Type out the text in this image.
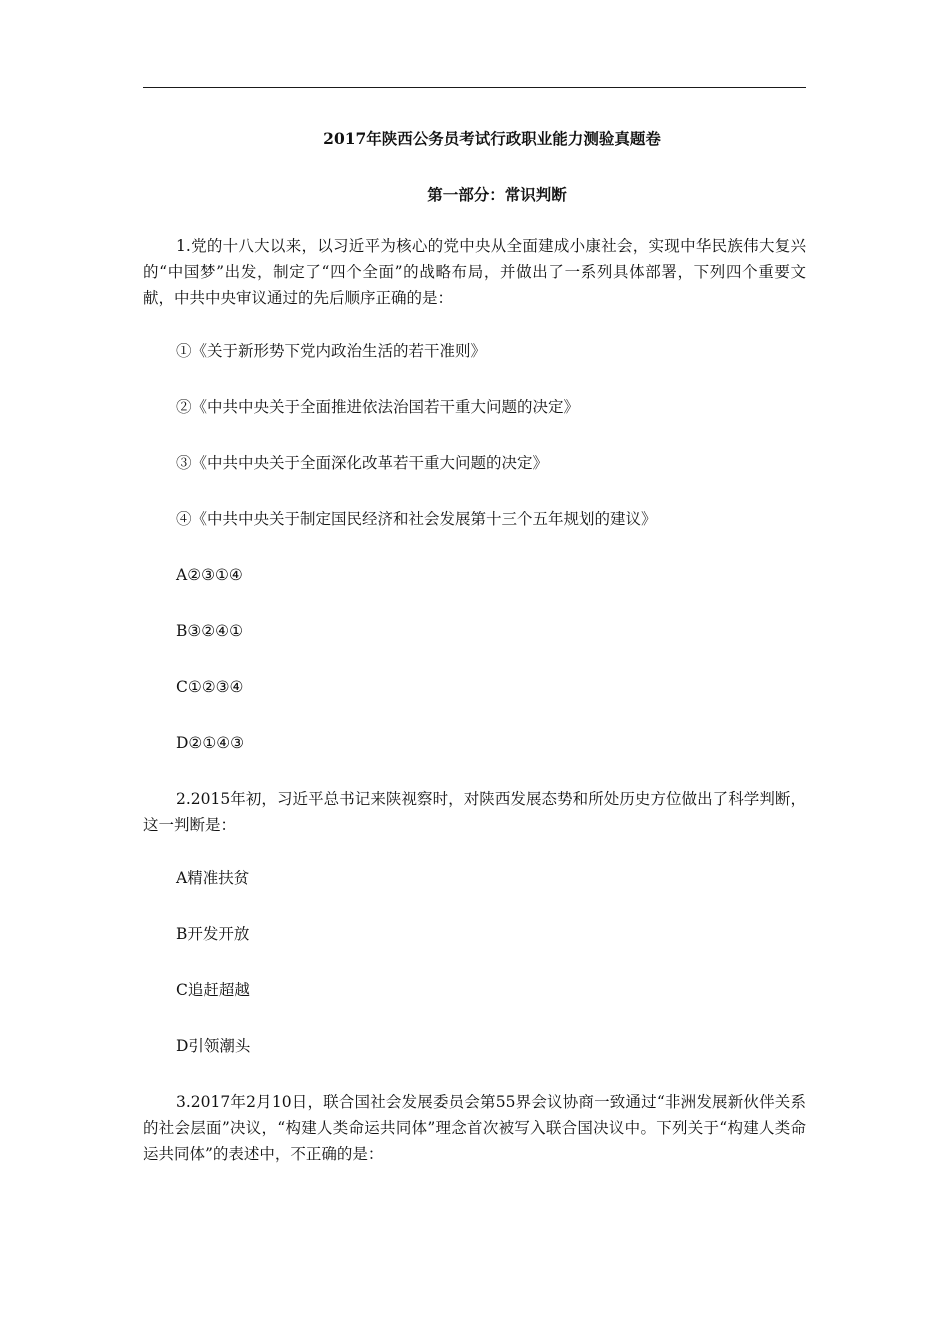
2017年陕西公务员考试行政职业能力测验真题卷
第一部分：常识判断
1.党的十八大以来，以习近平为核心的党中央从全面建成小康社会，实现中华民族伟大复兴的“中国梦”出发，制定了“四个全面”的战略布局，并做出了一系列具体部署，下列四个重要文献，中共中央审议通过的先后顺序正确的是：
①《关于新形势下党内政治生活的若干准则》
②《中共中央关于全面推进依法治国若干重大问题的决定》
③《中共中央关于全面深化改革若干重大问题的决定》
④《中共中央关于制定国民经济和社会发展第十三个五年规划的建议》
A②③①④
B③②④①
C①②③④
D②①④③
2.2015年初，习近平总书记来陕视察时，对陕西发展态势和所处历史方位做出了科学判断，这一判断是：
A精准扶贫
B开发开放
C追赶超越
D引领潮头
3.2017年2月10日，联合国社会发展委员会第55界会议协商一致通过“非洲发展新伙伴关系的社会层面”决议，“构建人类命运共同体”理念首次被写入联合国决议中。下列关于“构建人类命运共同体”的表述中，不正确的是：
